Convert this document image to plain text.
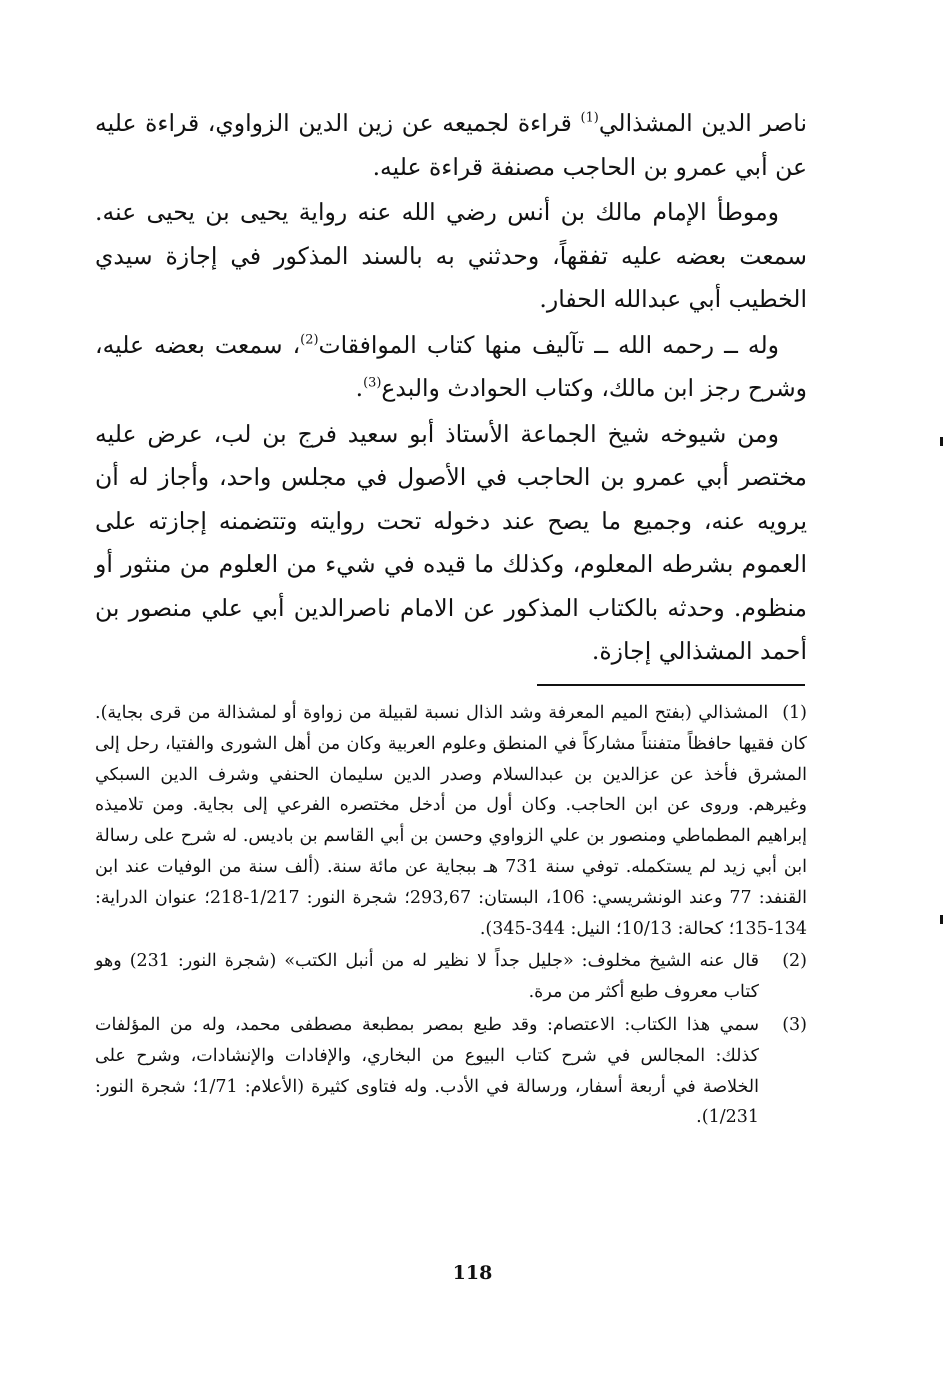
ناصر الدين المشذالي$^{(1)}$ قراءة لجميعه عن زين الدين الزواوي، قراءة عليه عن أبي عمرو بن الحاجب مصنفة قراءة عليه.

وموطأ الإمام مالك بن أنس رضي الله عنه رواية يحيى بن يحيى عنه. سمعت بعضه عليه تفقهاً، وحدثني به بالسند المذكور في إجازة سيدي الخطيب أبي عبدالله الحفار.

وله ــ رحمه الله ــ تآليف منها كتاب الموافقات$^{(2)}$، سمعت بعضه عليه، وشرح رجز ابن مالك، وكتاب الحوادث والبدع$^{(3)}$.

ومن شيوخه شيخ الجماعة الأستاذ أبو سعيد فرج بن لب، عرض عليه مختصر أبي عمرو بن الحاجب في الأصول في مجلس واحد، وأجاز له أن يرويه عنه، وجميع ما يصح عند دخوله تحت روايته وتتضمنه إجازته على العموم بشرطه المعلوم، وكذلك ما قيده في شيء من العلوم من منثور أو منظوم. وحدثه بالكتاب المذكور عن الامام ناصرالدين أبي علي منصور بن أحمد المشذالي إجازة.

(1)المشذالي (بفتح الميم المعرفة وشد الذال نسبة لقبيلة من زواوة أو لمشذالة من قرى بجاية). كان فقيها حافظاً متفنناً مشاركاً في المنطق وعلوم العربية وكان من أهل الشورى والفتيا، رحل إلى المشرق فأخذ عن عزالدين بن عبدالسلام وصدر الدين سليمان الحنفي وشرف الدين السبكي وغيرهم. وروى عن ابن الحاجب. وكان أول من أدخل مختصره الفرعي إلى بجاية. ومن تلاميذه إبراهيم المطماطي ومنصور بن علي الزواوي وحسن بن أبي القاسم بن باديس. له شرح على رسالة ابن أبي زيد لم يستكمله. توفي سنة 731 هـ ببجاية عن مائة سنة. (ألف سنة من الوفيات عند ابن القنفد: 77 وعند الونشريسي: 106، البستان: 293,67؛ شجرة النور: 1/217-218؛ عنوان الدراية: 134-135؛ كحالة: 10/13؛ النيل: 344-345).

(2)
قال عنه الشيخ مخلوف: «جليل جداً لا نظير له من أنبل الكتب» (شجرة النور: 231) وهو كتاب معروف طبع أكثر من مرة.

(3)
سمي هذا الكتاب: الاعتصام: وقد طبع بمصر بمطبعة مصطفى محمد، وله من المؤلفات كذلك: المجالس في شرح كتاب البيوع من البخاري، والإفادات والإنشادات، وشرح على الخلاصة في أربعة أسفار، ورسالة في الأدب. وله فتاوى كثيرة (الأعلام: 1/71؛ شجرة النور: 1/231).

118
